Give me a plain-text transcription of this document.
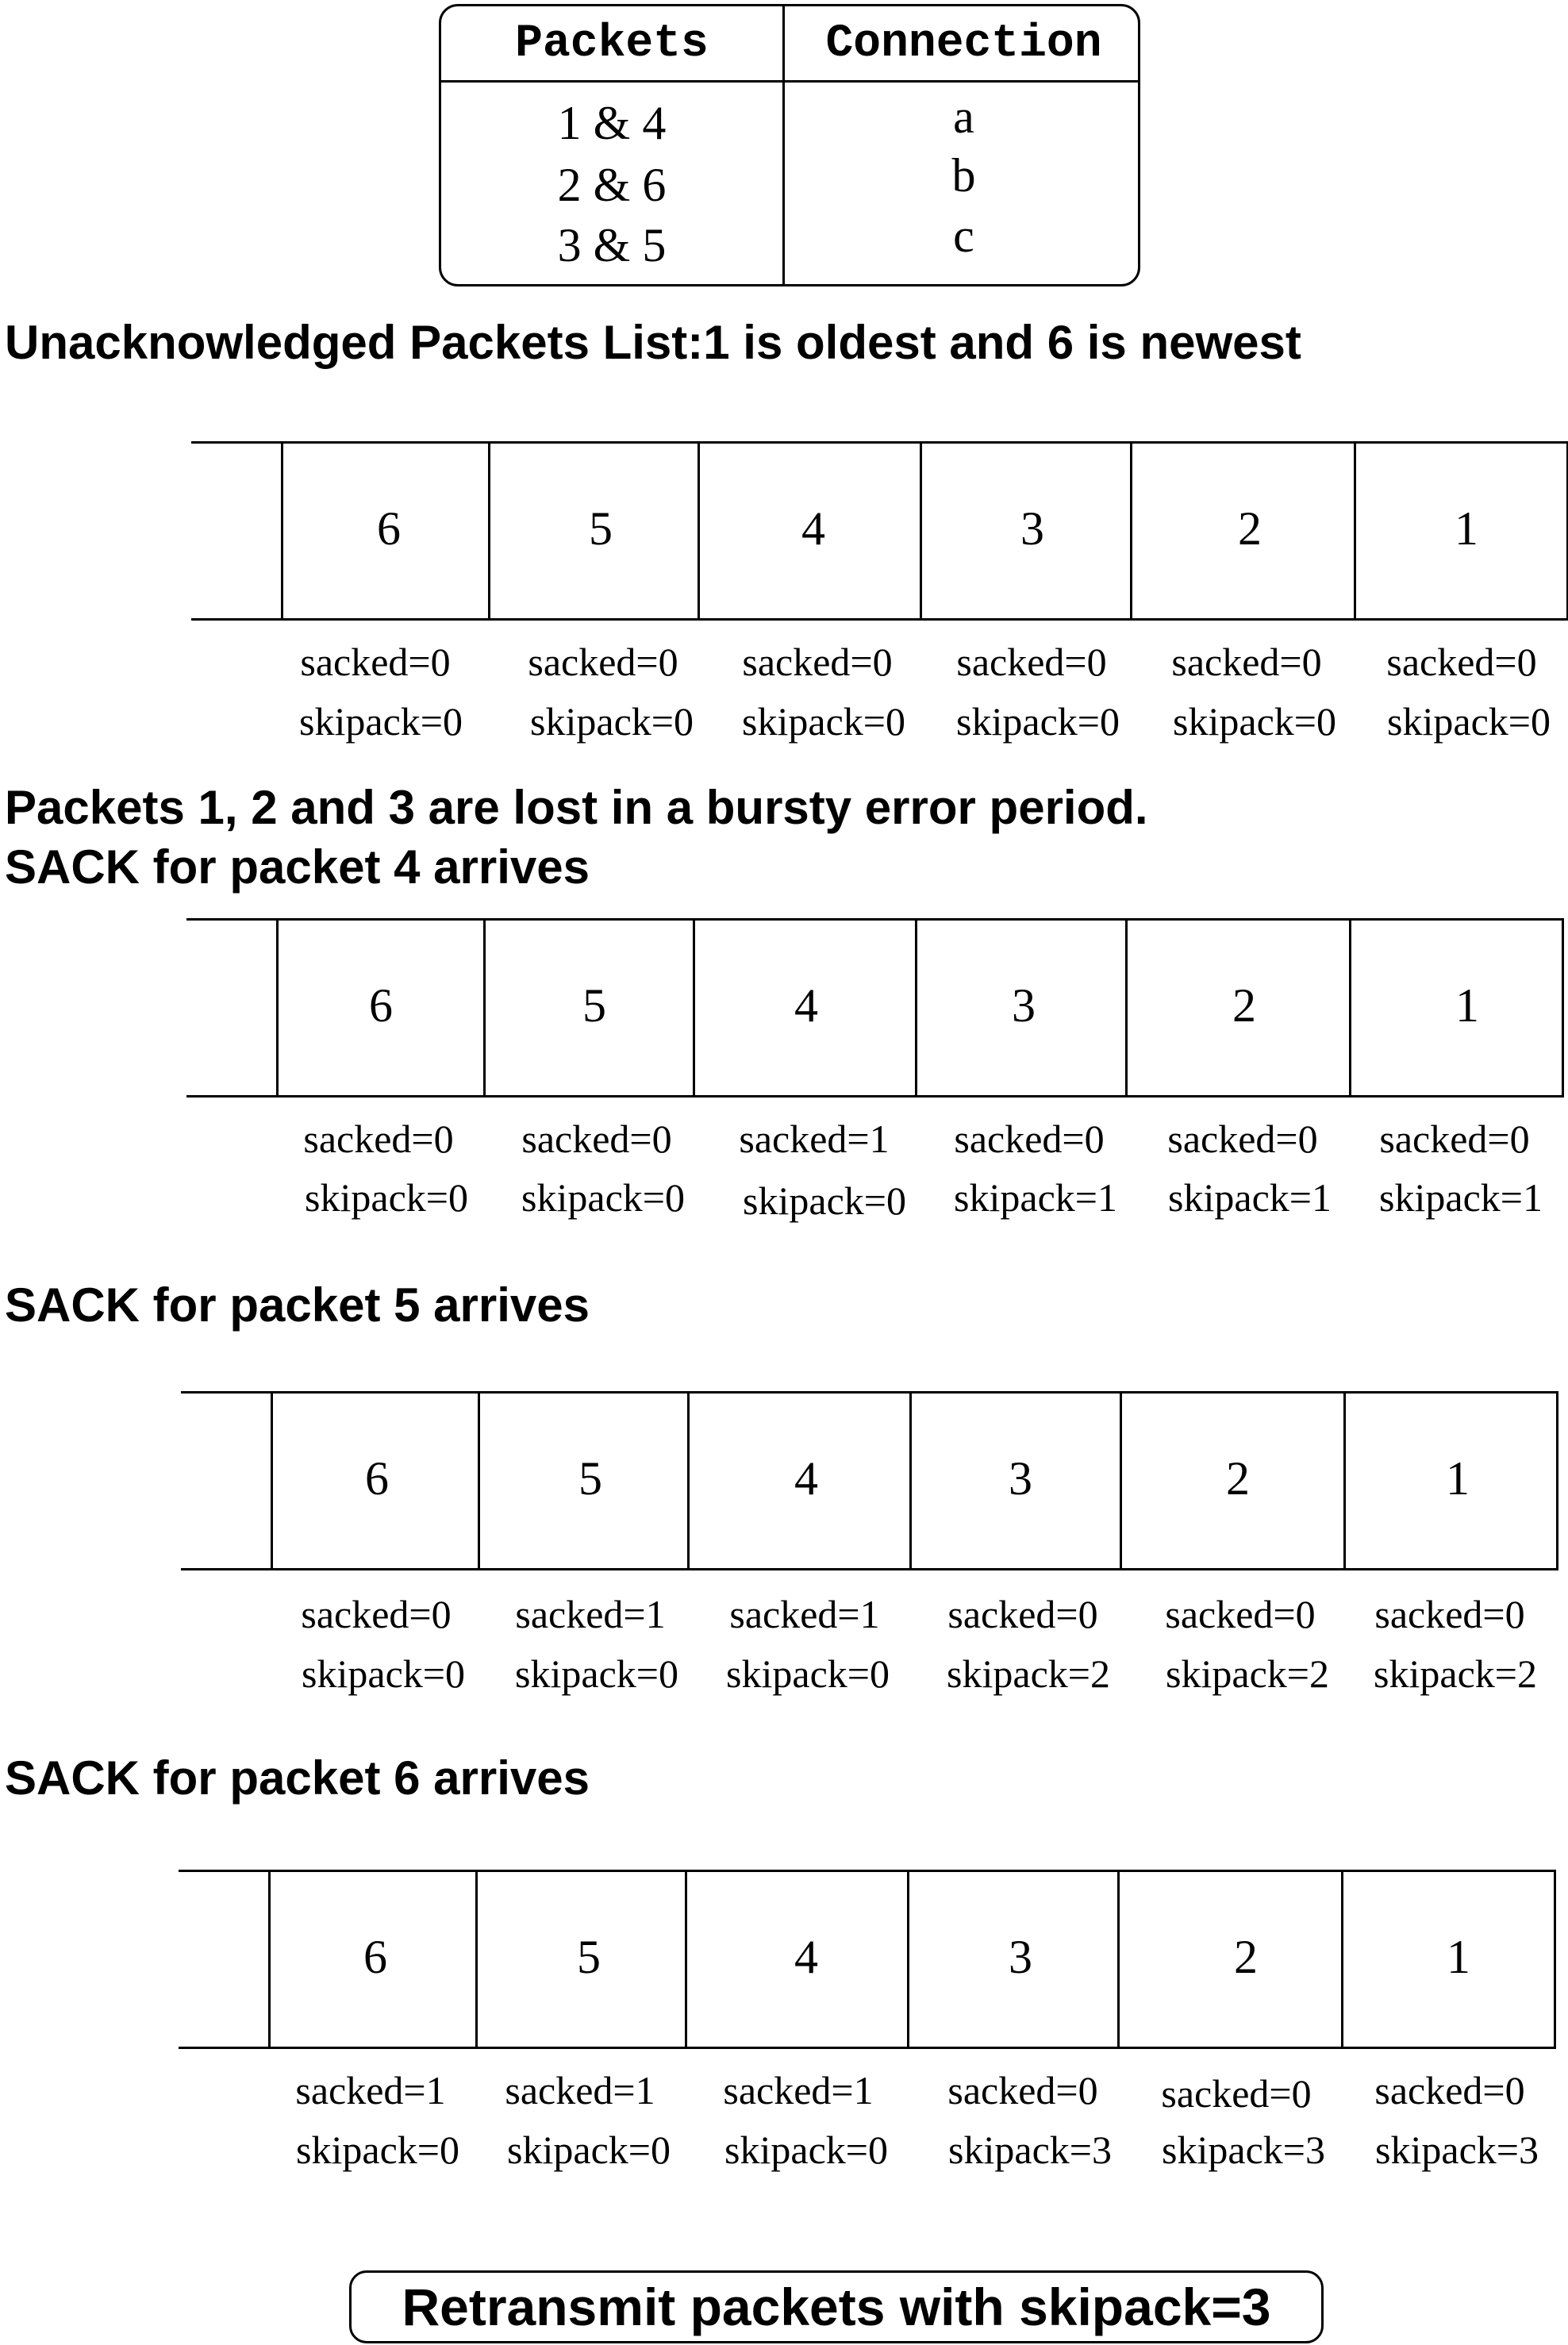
Packets	Connection
1 & 4	a
2 & 6	b
3 & 5	c
Unacknowledged Packets List:1 is oldest and 6 is newest
6	5	4	3	2	1
sacked=0	sacked=0	sacked=0	sacked=0	sacked=0	sacked=0
skipack=0	skipack=0	skipack=0	skipack=0	skipack=0	skipack=0
Packets 1, 2 and 3 are lost in a bursty error period.
SACK for packet 4 arrives
6	5	4	3	2	1
sacked=0	sacked=0	sacked=1	sacked=0	sacked=0	sacked=0
skipack=0	skipack=0	skipack=0	skipack=1	skipack=1	skipack=1
SACK for packet 5 arrives
6	5	4	3	2	1
sacked=0	sacked=1	sacked=1	sacked=0	sacked=0	sacked=0
skipack=0	skipack=0	skipack=0	skipack=2	skipack=2	skipack=2
SACK for packet 6 arrives
6	5	4	3	2	1
sacked=1	sacked=1	sacked=1	sacked=0	sacked=0	sacked=0
skipack=0	skipack=0	skipack=0	skipack=3	skipack=3	skipack=3
Retransmit packets with skipack=3
